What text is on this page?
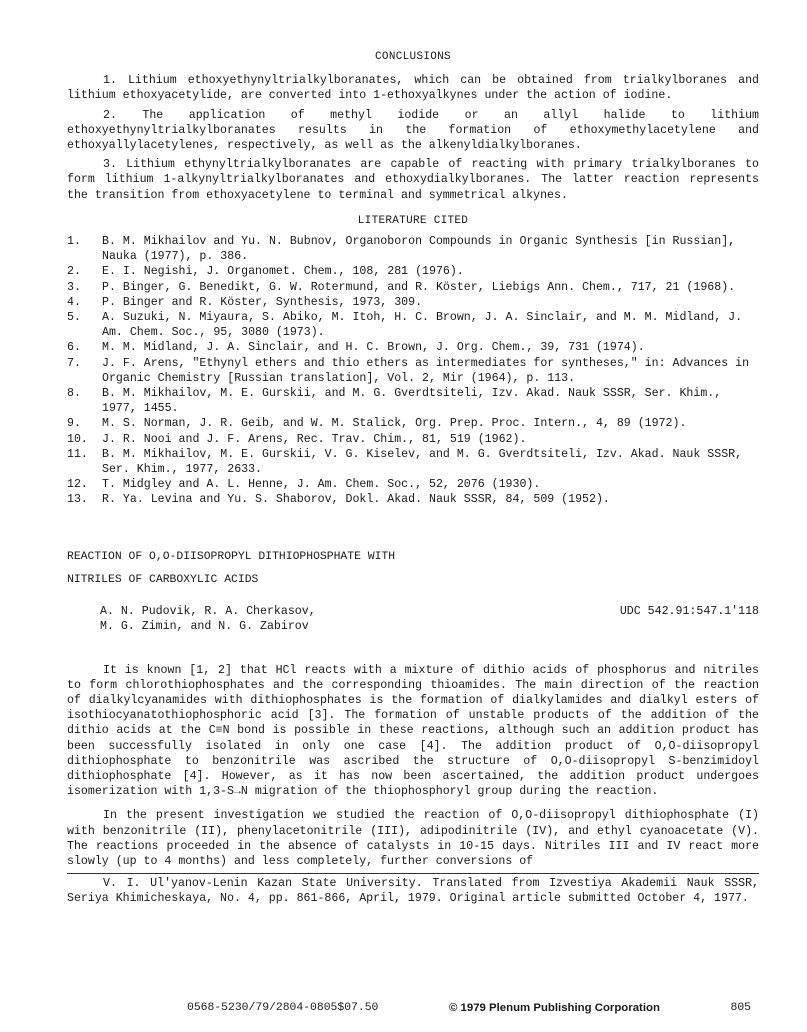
CONCLUSIONS

1. Lithium ethoxyethynyltrialkylboranates, which can be obtained from trialkylboranes and lithium ethoxyacetylide, are converted into 1-ethoxyalkynes under the action of iodine.

2. The application of methyl iodide or an allyl halide to lithium ethoxyethynyltrialkylboranates results in the formation of ethoxymethylacetylene and ethoxyallylacetylenes, respectively, as well as the alkenyldialkylboranes.

3. Lithium ethynyltrialkylboranates are capable of reacting with primary trialkylboranes to form lithium 1-alkynyltrialkylboranates and ethoxydialkylboranes. The latter reaction represents the transition from ethoxyacetylene to terminal and symmetrical alkynes.

LITERATURE CITED
1.	B. M. Mikhailov and Yu. N. Bubnov, Organoboron Compounds in Organic Synthesis [in Russian], Nauka (1977), p. 386.
2.	E. I. Negishi, J. Organomet. Chem., 108, 281 (1976).
3.	P. Binger, G. Benedikt, G. W. Rotermund, and R. Köster, Liebigs Ann. Chem., 717, 21 (1968).
4.	P. Binger and R. Köster, Synthesis, 1973, 309.
5.	A. Suzuki, N. Miyaura, S. Abiko, M. Itoh, H. C. Brown, J. A. Sinclair, and M. M. Midland, J. Am. Chem. Soc., 95, 3080 (1973).
6.	M. M. Midland, J. A. Sinclair, and H. C. Brown, J. Org. Chem., 39, 731 (1974).
7.	J. F. Arens, "Ethynyl ethers and thio ethers as intermediates for syntheses," in: Advances in Organic Chemistry [Russian translation], Vol. 2, Mir (1964), p. 113.
8.	B. M. Mikhailov, M. E. Gurskii, and M. G. Gverdtsiteli, Izv. Akad. Nauk SSSR, Ser. Khim., 1977, 1455.
9.	M. S. Norman, J. R. Geib, and W. M. Stalick, Org. Prep. Proc. Intern., 4, 89 (1972).
10.	J. R. Nooi and J. F. Arens, Rec. Trav. Chim., 81, 519 (1962).
11.	B. M. Mikhailov, M. E. Gurskii, V. G. Kiselev, and M. G. Gverdtsiteli, Izv. Akad. Nauk SSSR, Ser. Khim., 1977, 2633.
12.	T. Midgley and A. L. Henne, J. Am. Chem. Soc., 52, 2076 (1930).
13.	R. Ya. Levina and Yu. S. Shaborov, Dokl. Akad. Nauk SSSR, 84, 509 (1952).

REACTION OF O,O-DIISOPROPYL DITHIOPHOSPHATE WITH

NITRILES OF CARBOXYLIC ACIDS

A. N. Pudovik, R. A. Cherkasov,
M. G. Zimin, and N. G. Zabirov
UDC 542.91:547.1'118

It is known [1, 2] that HCl reacts with a mixture of dithio acids of phosphorus and nitriles to form chlorothiophosphates and the corresponding thioamides. The main direction of the reaction of dialkylcyanamides with dithiophosphates is the formation of dialkylamides and dialkyl esters of isothiocyanatothiophosphoric acid [3]. The formation of unstable products of the addition of the dithio acids at the C≡N bond is possible in these reactions, although such an addition product has been successfully isolated in only one case [4]. The addition product of O,O-diisopropyl dithiophosphate to benzonitrile was ascribed the structure of O,O-diisopropyl S-benzimidoyl dithiophosphate [4]. However, as it has now been ascertained, the addition product undergoes isomerization with 1,3-S→N migration of the thiophosphoryl group during the reaction.

In the present investigation we studied the reaction of O,O-diisopropyl dithiophosphate (I) with benzonitrile (II), phenylacetonitrile (III), adipodinitrile (IV), and ethyl cyanoacetate (V). The reactions proceeded in the absence of catalysts in 10-15 days. Nitriles III and IV react more slowly (up to 4 months) and less completely, further conversions of

V. I. Ul'yanov-Lenin Kazan State University. Translated from Izvestiya Akademii Nauk SSSR, Seriya Khimicheskaya, No. 4, pp. 861-866, April, 1979. Original article submitted October 4, 1977.

0568-5230/79/2804-0805$07.50	© 1979 Plenum Publishing Corporation	805
